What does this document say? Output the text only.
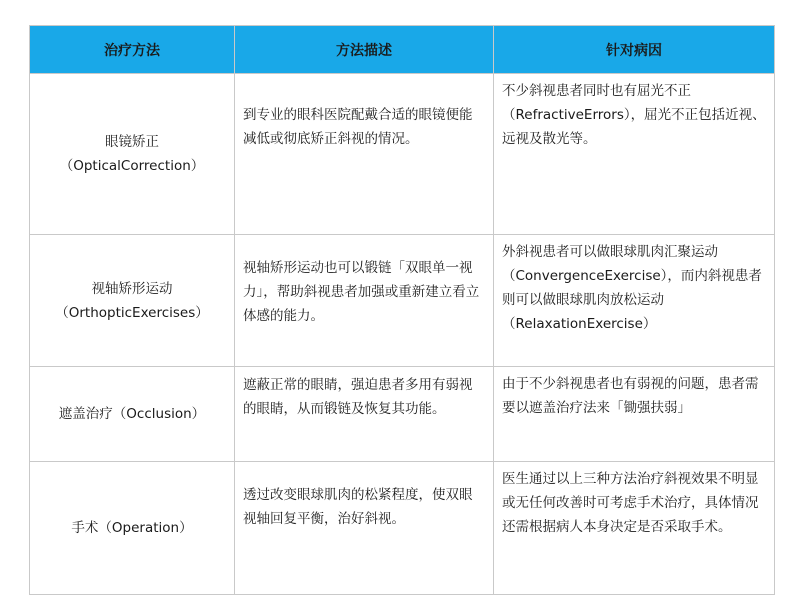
治疗方法	方法描述	针对病因
眼镜矫正（OpticalCorrection）	到专业的眼科医院配戴合适的眼镜便能减低或彻底矫正斜视的情况。	不少斜视患者同时也有屈光不正（RefractiveErrors），屈光不正包括近视、远视及散光等。
视轴矫形运动（OrthopticExercises）	视轴矫形运动也可以锻链「双眼单一视力」，帮助斜视患者加强或重新建立看立体感的能力。	外斜视患者可以做眼球肌肉汇聚运动（ConvergenceExercise），而内斜视患者则可以做眼球肌肉放松运动（RelaxationExercise）
遮盖治疗（Occlusion）	遮蔽正常的眼睛，强迫患者多用有弱视的眼睛，从而锻链及恢复其功能。	由于不少斜视患者也有弱视的问题，患者需要以遮盖治疗法来「锄强扶弱」
手术（Operation）	透过改变眼球肌肉的松紧程度，使双眼视轴回复平衡，治好斜视。	医生通过以上三种方法治疗斜视效果不明显或无任何改善时可考虑手术治疗，具体情况还需根据病人本身决定是否采取手术。
